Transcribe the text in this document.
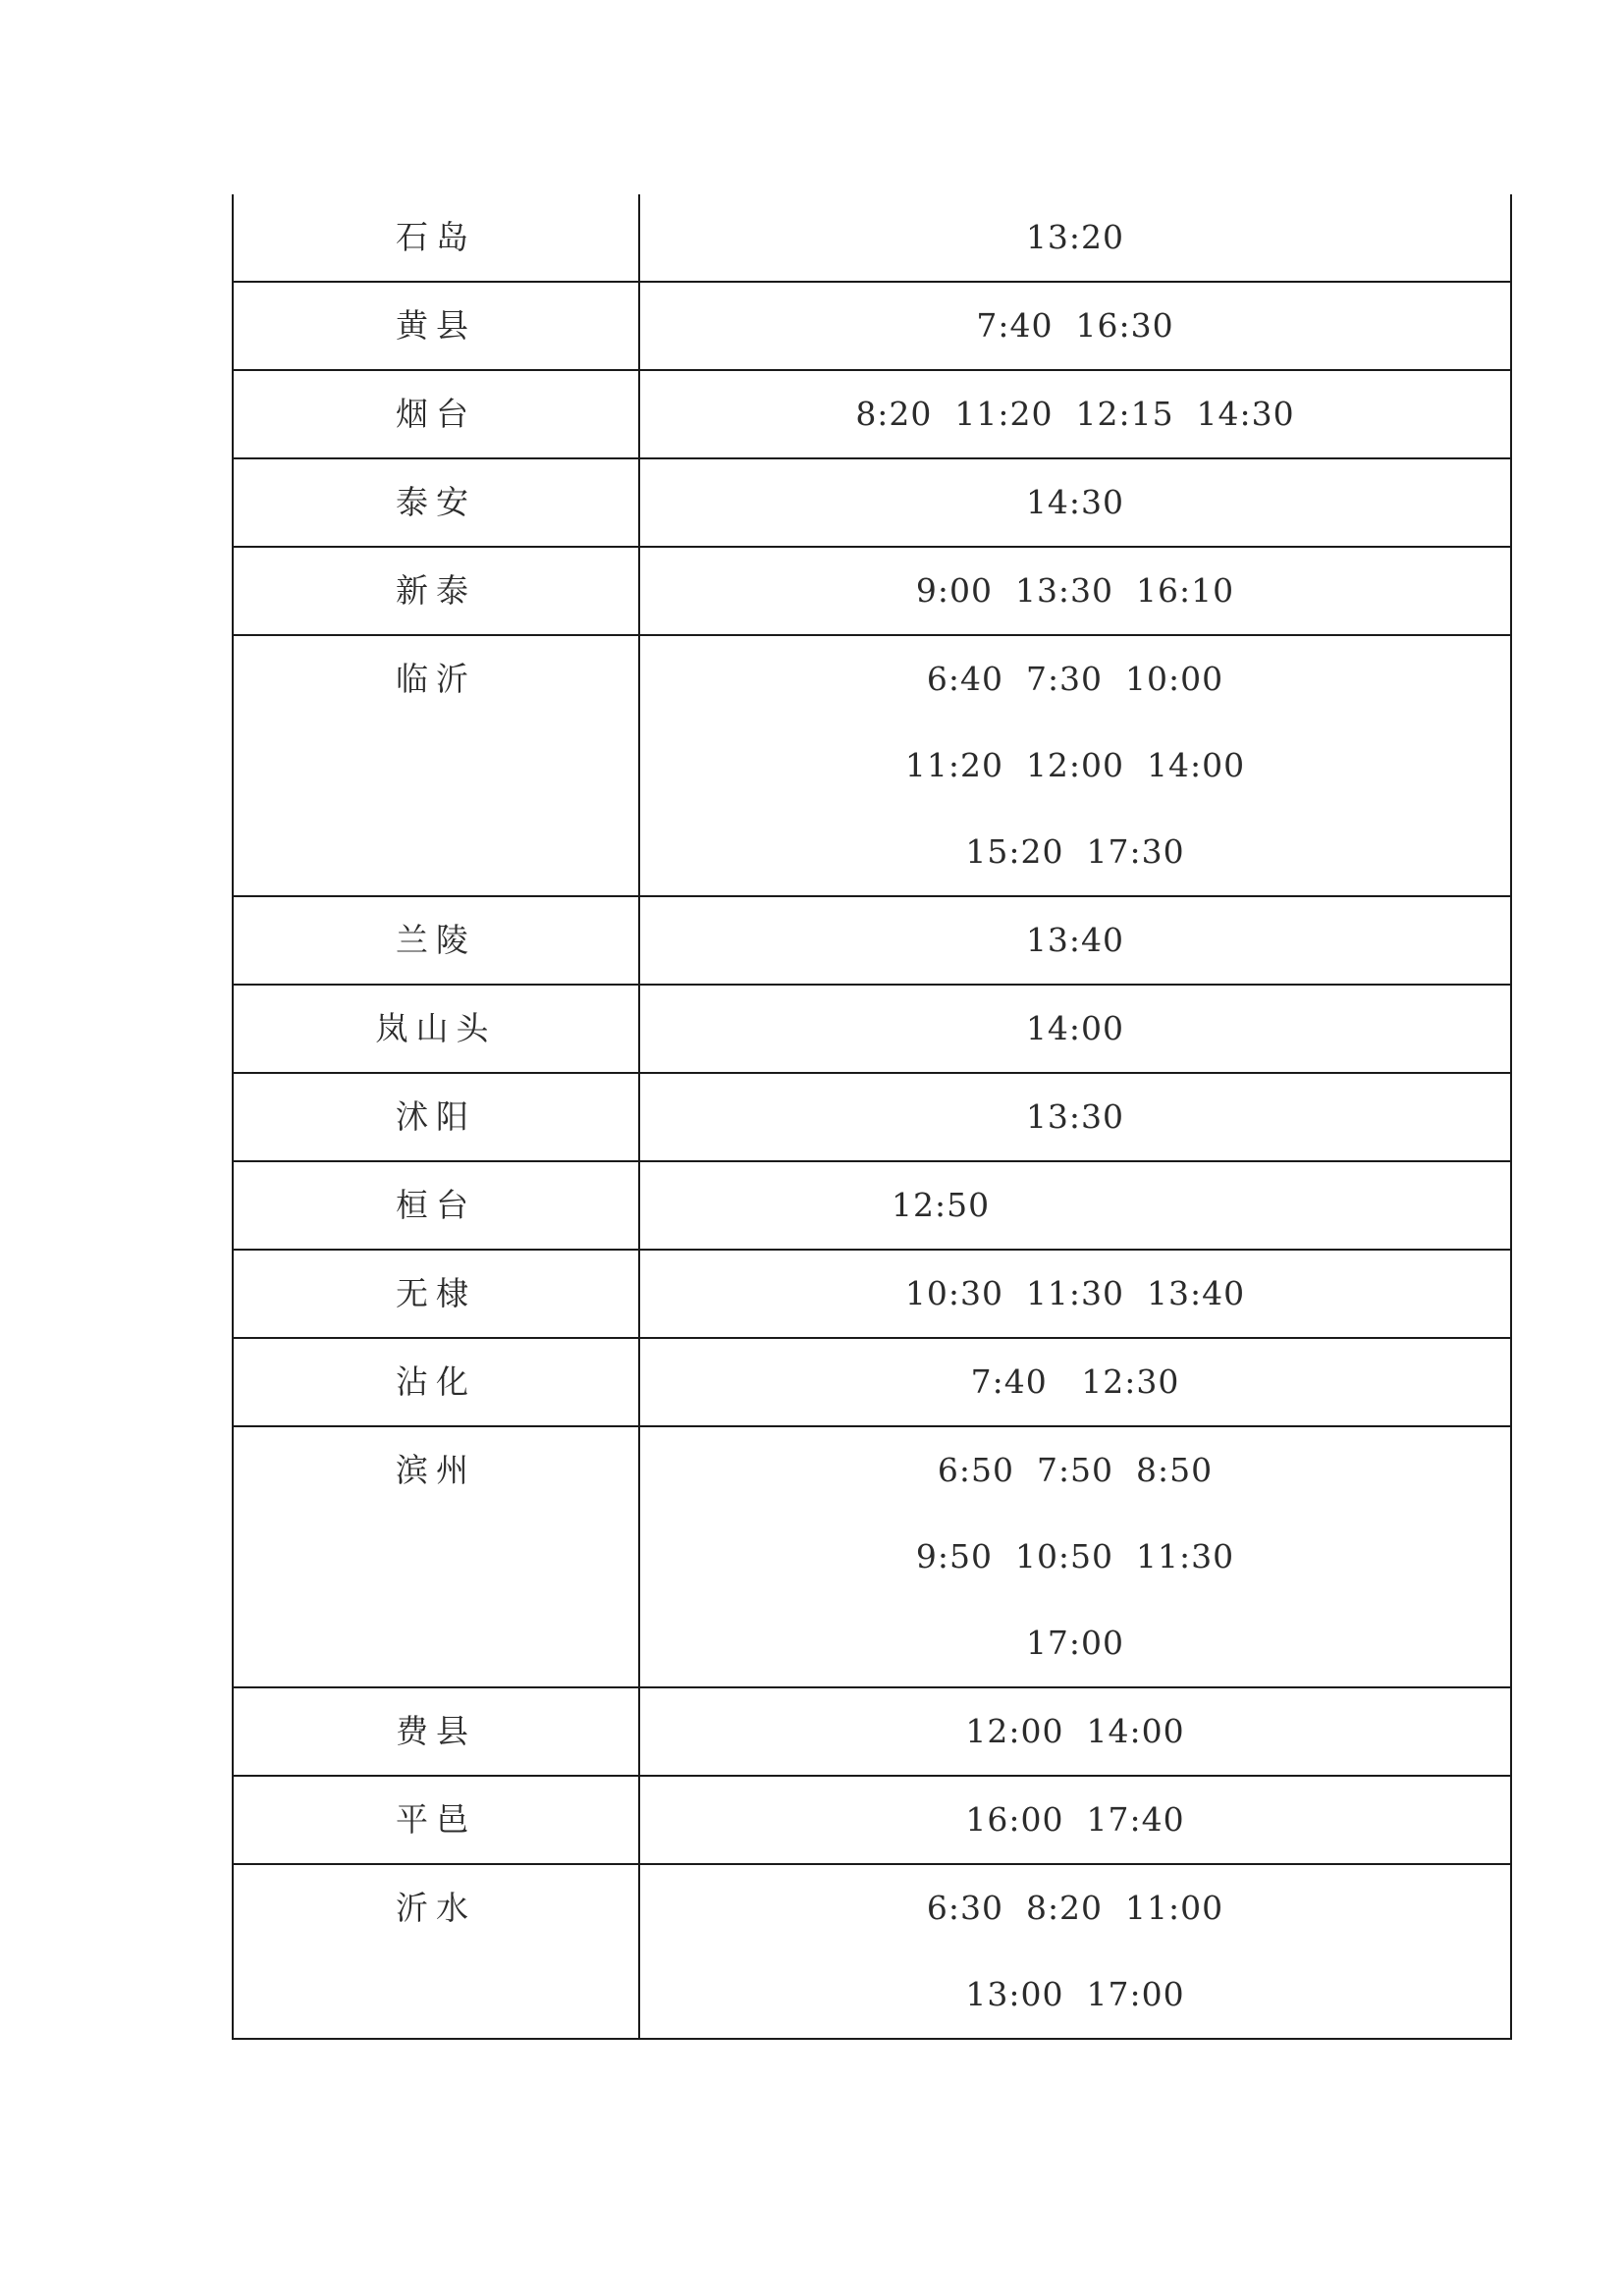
石岛	13:20

黄县	7:40  16:30

烟台	8:20  11:20  12:15  14:30

泰安	14:30

新泰	9:00  13:30  16:10

临沂	6:40  7:30  10:00
11:20  12:00  14:00
15:20  17:30

兰陵	13:40

岚山头	14:00

沭阳	13:30

桓台	12:50

无棣	10:30  11:30  13:40

沾化	7:40   12:30

滨州	6:50  7:50  8:50
9:50  10:50  11:30
17:00

费县	12:00  14:00

平邑	16:00  17:40

沂水	6:30  8:20  11:00
13:00  17:00
